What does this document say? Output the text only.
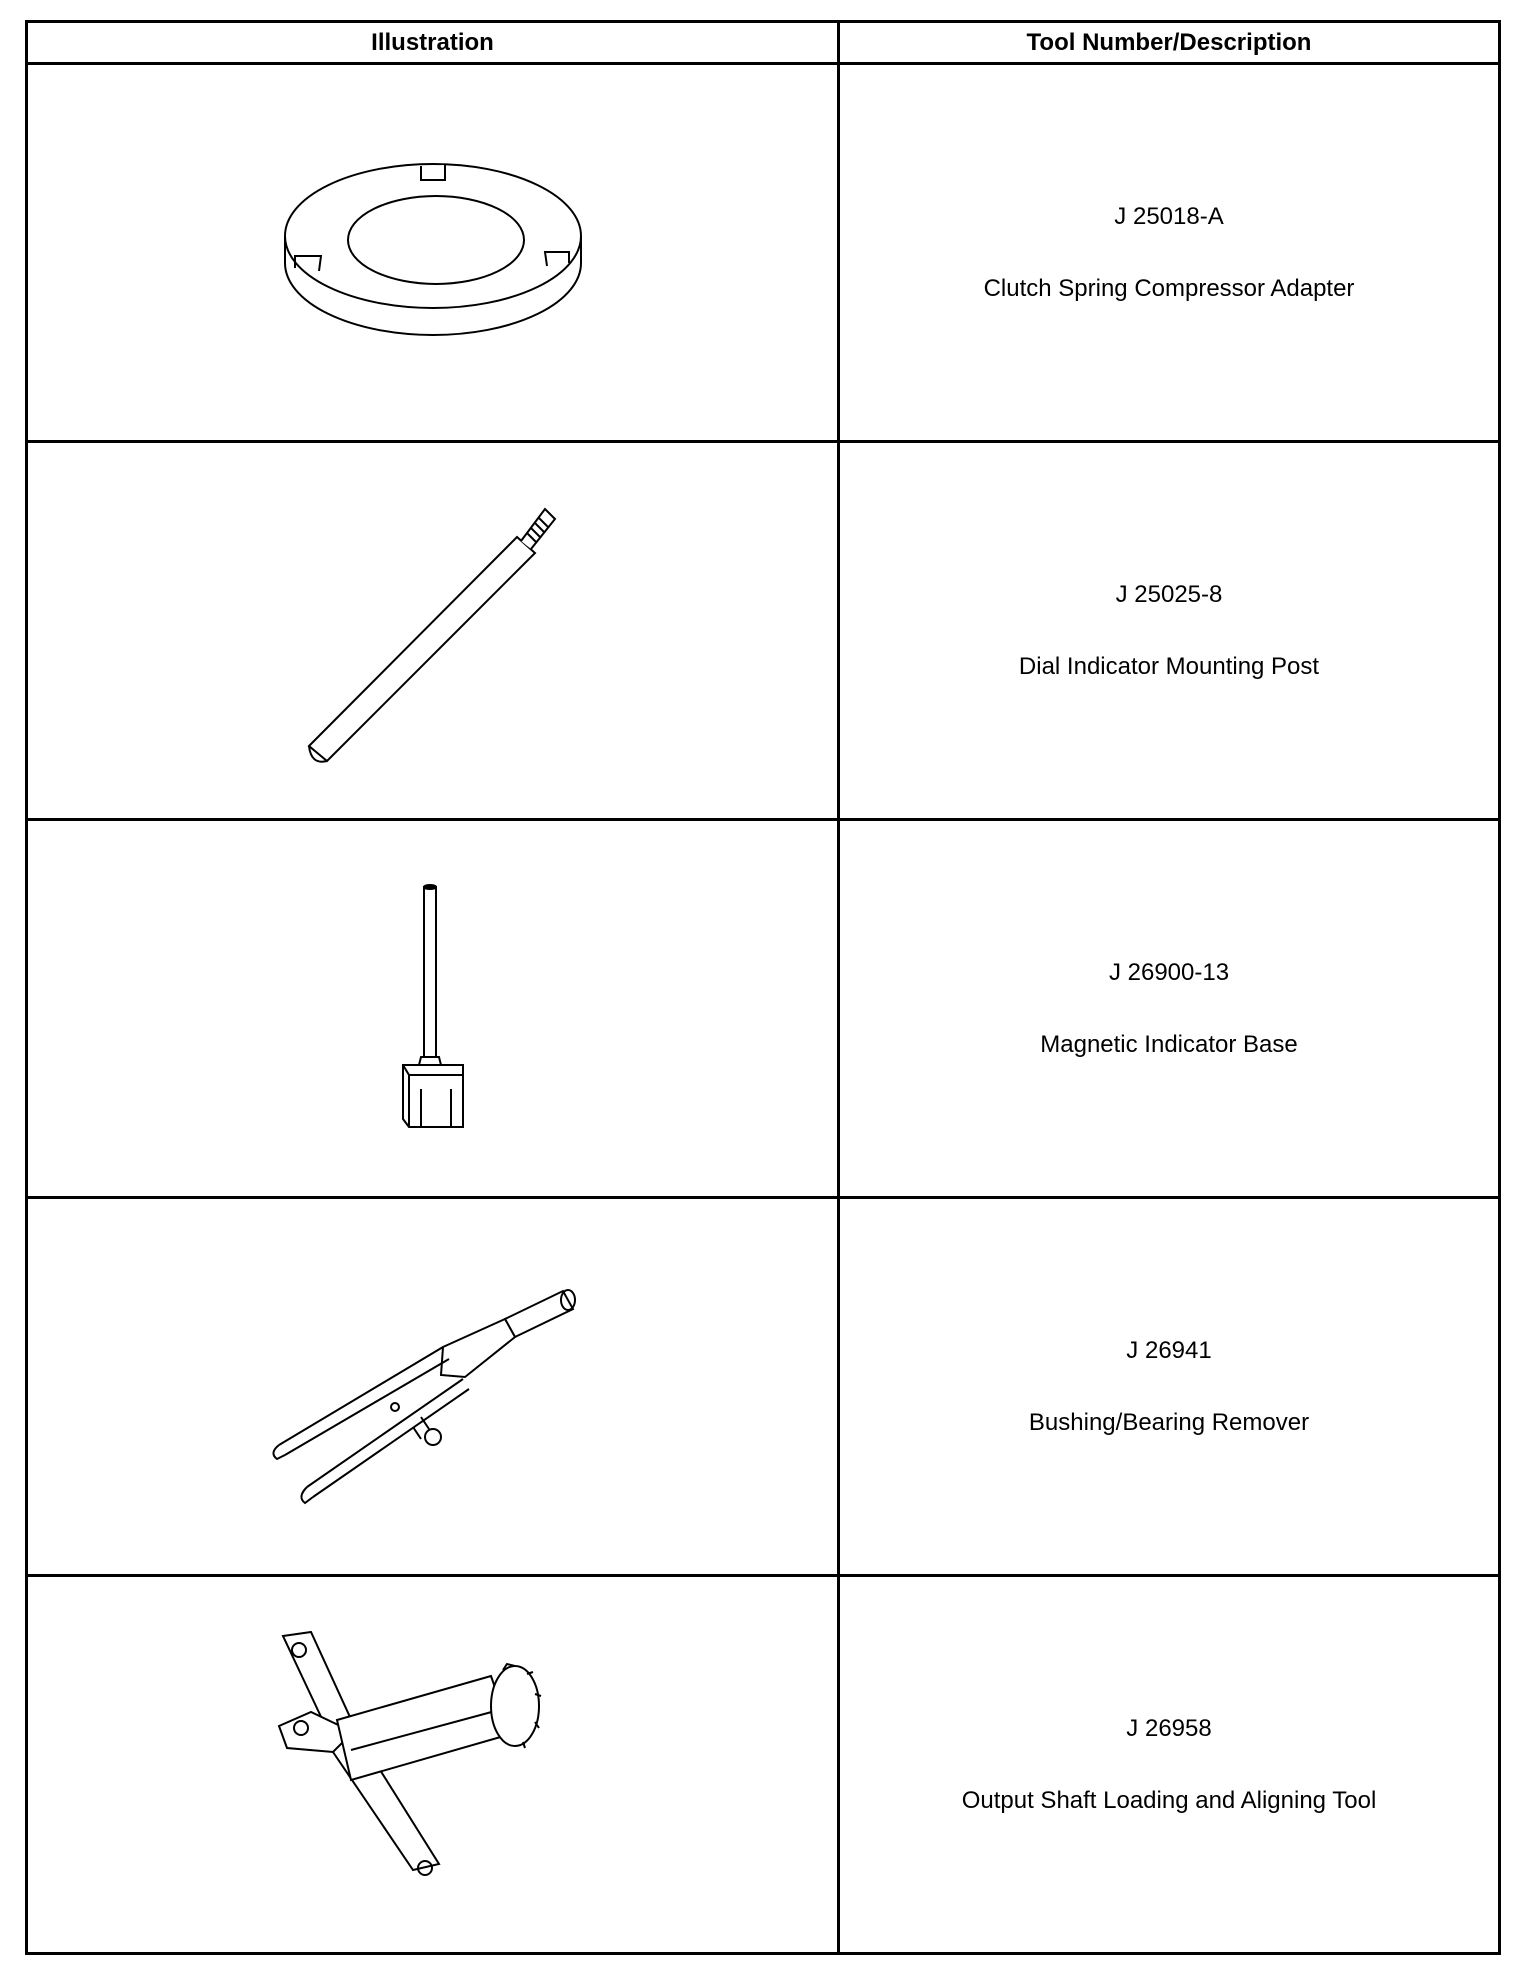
Illustration	Tool Number/Description

J 25018-A
Clutch Spring Compressor Adapter

J 25025-8
Dial Indicator Mounting Post

J 26900-13
Magnetic Indicator Base

J 26941
Bushing/Bearing Remover

J 26958
Output Shaft Loading and Aligning Tool
